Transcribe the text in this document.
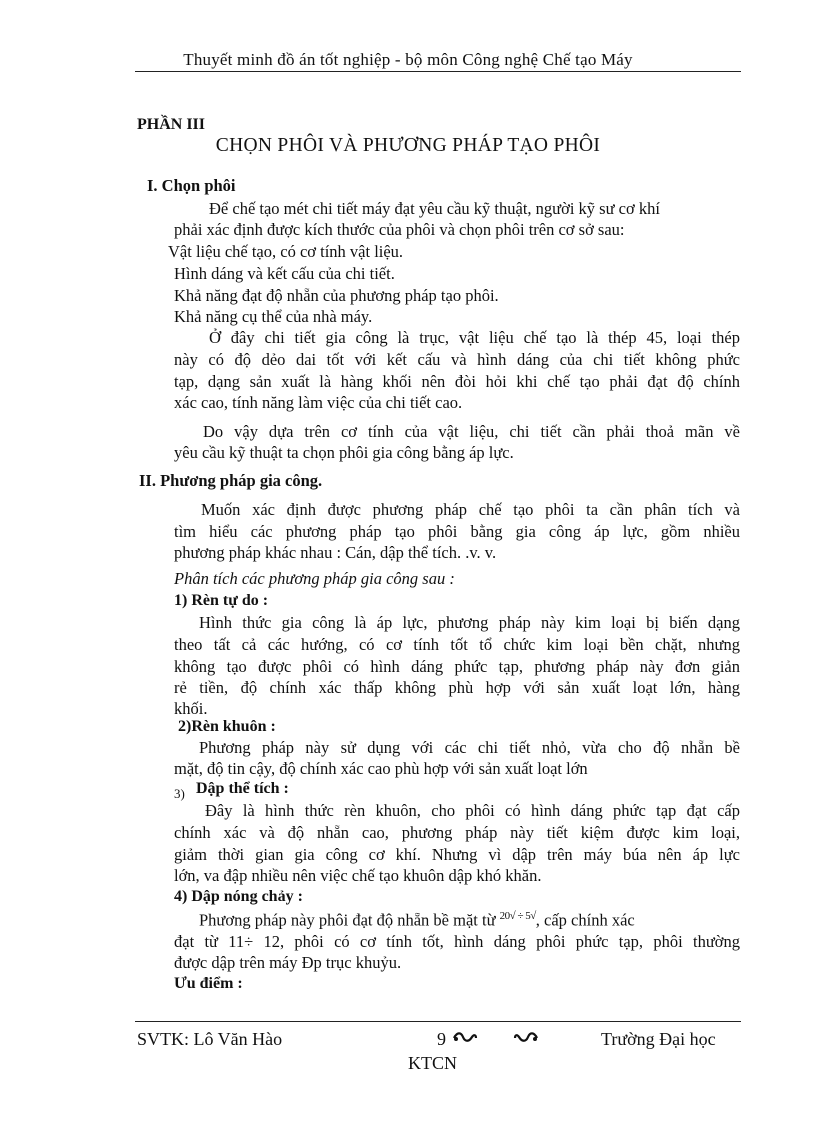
Thuyết minh đồ án tốt nghiệp - bộ môn Công nghệ Chế tạo Máy
PHẦN III
CHỌN PHÔI VÀ PHƯƠNG PHÁP TẠO PHÔI
I. Chọn phôi
Để chế tạo mét chi tiết máy đạt yêu cầu kỹ thuật, người kỹ sư cơ khí
phải xác định được kích thước của phôi và chọn phôi trên cơ sở sau:
Vật liệu chế tạo, có cơ tính vật liệu.
Hình dáng và kết cấu của chi tiết.
Khả năng đạt độ nhẵn của phương pháp tạo phôi.
Khả năng cụ thể của nhà máy.
Ở đây chi tiết gia công là trục, vật liệu chế tạo là thép 45, loại thép
này có độ dẻo dai tốt với kết cấu và hình dáng của chi tiết không phức
tạp, dạng sản xuất là hàng khối nên đòi hỏi khi chế tạo phải đạt độ chính
xác cao, tính năng làm việc của chi tiết cao.
Do vậy dựa trên cơ tính của vật liệu, chi tiết cần phải thoả mãn về
yêu cầu kỹ thuật ta chọn phôi gia công bằng áp lực.
II. Phương pháp gia công.
Muốn xác định được phương pháp chế tạo phôi ta cần phân tích và
tìm hiểu các phương pháp tạo phôi bằng gia công áp lực, gồm nhiều
phương pháp khác nhau : Cán, dập thể tích. .v. v.
Phân tích các phương pháp gia công sau :
1) Rèn tự do :
Hình thức gia công là áp lực, phương pháp này kim loại bị biến dạng
theo tất cả các hướng, có cơ tính tốt tổ chức kim loại bền chặt, nhưng
không tạo được phôi có hình dáng phức tạp, phương pháp này đơn giản
rẻ tiền, độ chính xác thấp không phù hợp với sản xuất loạt lớn, hàng
khối.
2)Rèn khuôn :
Phương pháp này sử dụng với các chi tiết nhỏ, vừa cho độ nhẵn bề
mặt, độ tin cậy, độ chính xác cao phù hợp với sản xuất loạt lớn
3) Dập thể tích :
Đây là hình thức rèn khuôn, cho phôi có hình dáng phức tạp đạt cấp
chính xác và độ nhẵn cao, phương pháp này tiết kiệm được kim loại,
giảm thời gian gia công cơ khí. Nhưng vì dập trên máy búa nên áp lực
lớn, va đập nhiều nên việc chế tạo khuôn dập khó khăn.
4) Dập nóng chảy :
Phương pháp này phôi đạt độ nhẵn bề mặt từ $^{20√ \div 5√}$, cấp chính xác
đạt từ 11÷ 12, phôi có cơ tính tốt, hình dáng phôi phức tạp, phôi thường
được dập trên máy Đp trục khuỷu.
Ưu điểm :
SVTK: Lô Văn Hào	9	Trường Đại học
KTCN
